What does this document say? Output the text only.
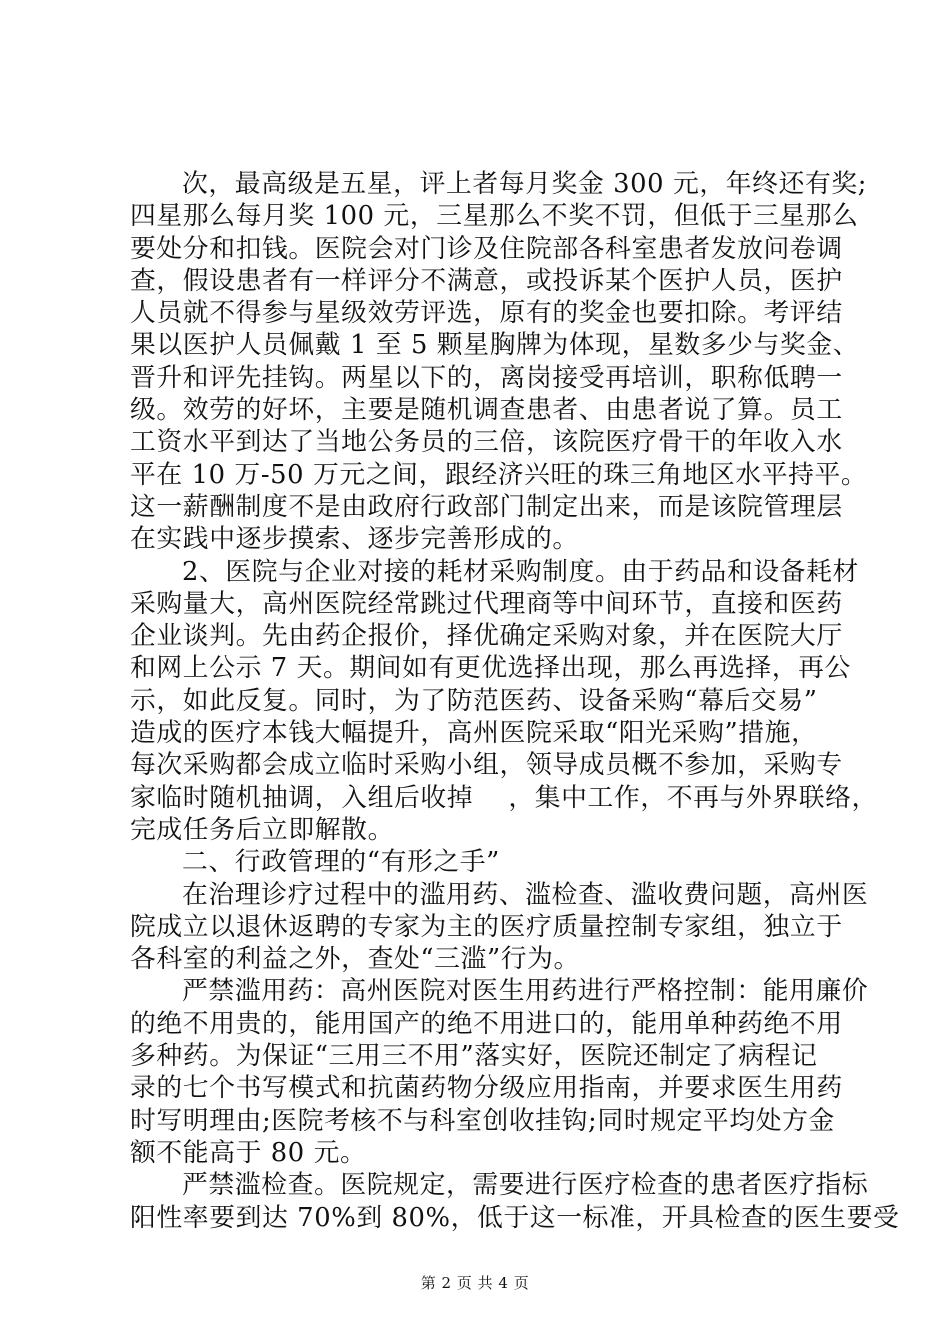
次，最高级是五星，评上者每月奖金 300 元，年终还有奖;
四星那么每月奖 100 元，三星那么不奖不罚，但低于三星那么
要处分和扣钱。医院会对门诊及住院部各科室患者发放问卷调
查，假设患者有一样评分不满意，或投诉某个医护人员，医护
人员就不得参与星级效劳评选，原有的奖金也要扣除。考评结
果以医护人员佩戴 1 至 5 颗星胸牌为体现，星数多少与奖金、
晋升和评先挂钩。两星以下的，离岗接受再培训，职称低聘一
级。效劳的好坏，主要是随机调查患者、由患者说了算。员工
工资水平到达了当地公务员的三倍，该院医疗骨干的年收入水
平在 10 万-50 万元之间，跟经济兴旺的珠三角地区水平持平。
这一薪酬制度不是由政府行政部门制定出来，而是该院管理层
在实践中逐步摸索、逐步完善形成的。
2、医院与企业对接的耗材采购制度。由于药品和设备耗材
采购量大，高州医院经常跳过代理商等中间环节，直接和医药
企业谈判。先由药企报价，择优确定采购对象，并在医院大厅
和网上公示 7 天。期间如有更优选择出现，那么再选择，再公
示，如此反复。同时，为了防范医药、设备采购“幕后交易”
造成的医疗本钱大幅提升，高州医院采取“阳光采购”措施，
每次采购都会成立临时采购小组，领导成员概不参加，采购专
家临时随机抽调，入组后收掉　 ，集中工作，不再与外界联络，
完成任务后立即解散。
二、行政管理的“有形之手”
在治理诊疗过程中的滥用药、滥检查、滥收费问题，高州医
院成立以退休返聘的专家为主的医疗质量控制专家组，独立于
各科室的利益之外，查处“三滥”行为。
严禁滥用药：高州医院对医生用药进行严格控制：能用廉价
的绝不用贵的，能用国产的绝不用进口的，能用单种药绝不用
多种药。为保证“三用三不用”落实好，医院还制定了病程记
录的七个书写模式和抗菌药物分级应用指南，并要求医生用药
时写明理由;医院考核不与科室创收挂钩;同时规定平均处方金
额不能高于 80 元。
严禁滥检查。医院规定，需要进行医疗检查的患者医疗指标
阳性率要到达 70%到 80%，低于这一标准，开具检查的医生要受
第 2 页 共 4 页
